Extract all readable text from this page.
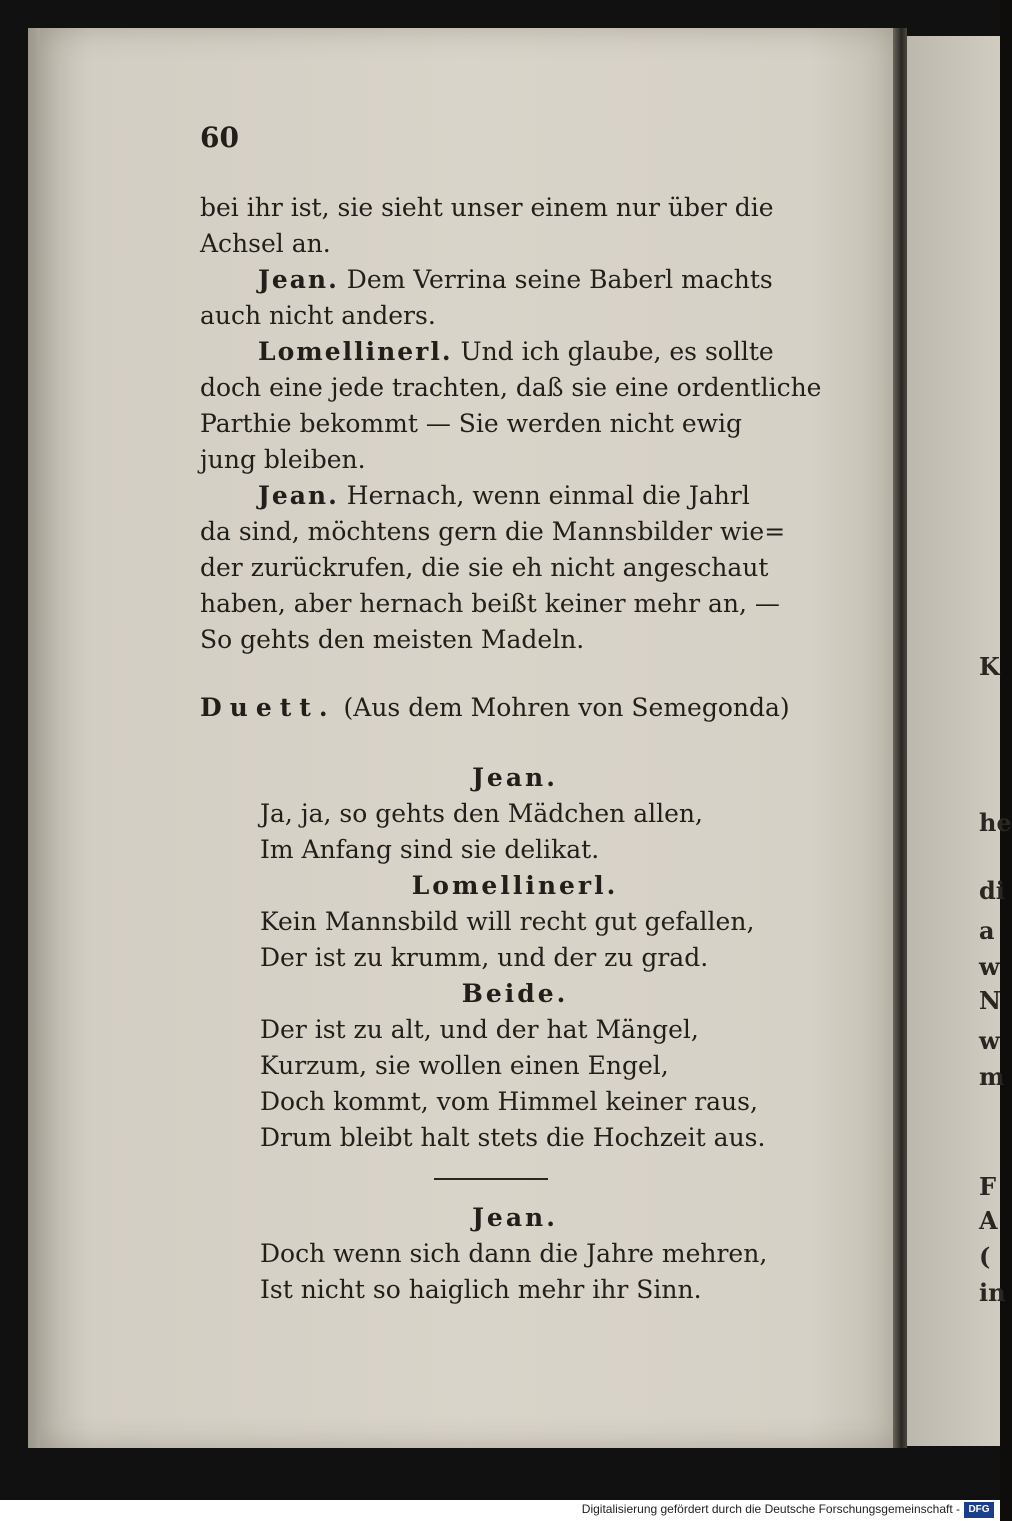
K
he
di
a
w
N
w
m
F
A
(
in
60
bei ihr ist, sie sieht unser einem nur über die
Achsel an.
Jean. Dem Verrina seine Baberl machts
auch nicht anders.
Lomellinerl. Und ich glaube, es sollte
doch eine jede trachten, daß sie eine ordentliche
Parthie bekommt — Sie werden nicht ewig
jung bleiben.
Jean. Hernach, wenn einmal die Jahrl
da sind, möchtens gern die Mannsbilder wie=
der zurückrufen, die sie eh nicht angeschaut
haben, aber hernach beißt keiner mehr an, —
So gehts den meisten Madeln.
Duett. (Aus dem Mohren von Semegonda)
Jean.
Ja, ja, so gehts den Mädchen allen,
Im Anfang sind sie delikat.
Lomellinerl.
Kein Mannsbild will recht gut gefallen,
Der ist zu krumm, und der zu grad.
Beide.
Der ist zu alt, und der hat Mängel,
Kurzum, sie wollen einen Engel,
Doch kommt, vom Himmel keiner raus,
Drum bleibt halt stets die Hochzeit aus.
Jean.
Doch wenn sich dann die Jahre mehren,
Ist nicht so haiglich mehr ihr Sinn.
Digitalisierung gefördert durch die Deutsche Forschungsgemeinschaft - DFG
